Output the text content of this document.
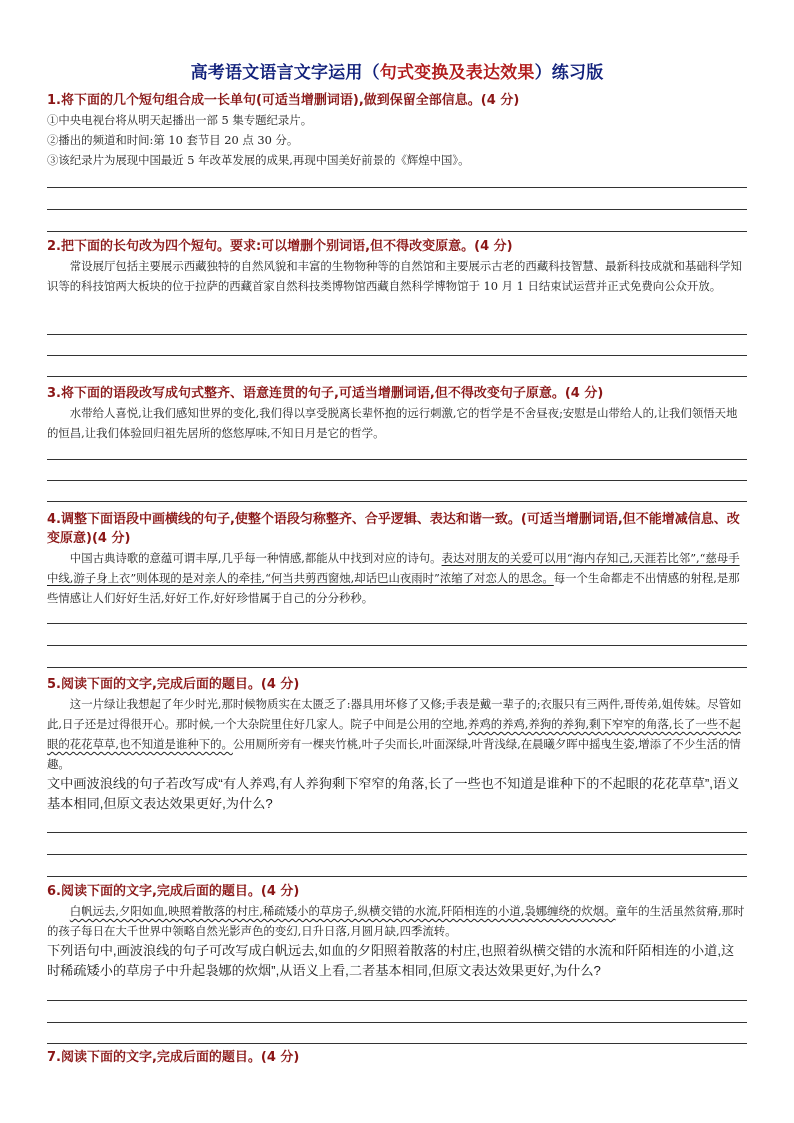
高考语文语言文字运用（句式变换及表达效果）练习版

1.将下面的几个短句组合成一长单句(可适当增删词语),做到保留全部信息。(4 分)

①中央电视台将从明天起播出一部 5 集专题纪录片。

②播出的频道和时间:第 10 套节目 20 点 30 分。

③该纪录片为展现中国最近 5 年改革发展的成果,再现中国美好前景的《辉煌中国》。

2.把下面的长句改为四个短句。要求:可以增删个别词语,但不得改变原意。(4 分)

常设展厅包括主要展示西藏独特的自然风貌和丰富的生物物种等的自然馆和主要展示古老的西藏科技智慧、最新科技成就和基础科学知识等的科技馆两大板块的位于拉萨的西藏首家自然科技类博物馆西藏自然科学博物馆于 10 月 1 日结束试运营并正式免费向公众开放。

3.将下面的语段改写成句式整齐、语意连贯的句子,可适当增删词语,但不得改变句子原意。(4 分)

水带给人喜悦,让我们感知世界的变化,我们得以享受脱离长辈怀抱的远行刺激,它的哲学是不舍昼夜;安慰是山带给人的,让我们领悟天地的恒昌,让我们体验回归祖先居所的悠悠厚味,不知日月是它的哲学。

4.调整下面语段中画横线的句子,使整个语段匀称整齐、合乎逻辑、表达和谐一致。(可适当增删词语,但不能增减信息、改变原意)(4 分)

中国古典诗歌的意蕴可谓丰厚,几乎每一种情感,都能从中找到对应的诗句。表达对朋友的关爱可以用“海内存知己,天涯若比邻”,“慈母手中线,游子身上衣”则体现的是对亲人的牵挂,“何当共剪西窗烛,却话巴山夜雨时”浓缩了对恋人的思念。每一个生命都走不出情感的射程,是那些情感让人们好好生活,好好工作,好好珍惜属于自己的分分秒秒。

5.阅读下面的文字,完成后面的题目。(4 分)

这一片绿让我想起了年少时光,那时候物质实在太匮乏了:器具用坏修了又修;手表是戴一辈子的;衣服只有三两件,哥传弟,姐传妹。尽管如此,日子还是过得很开心。那时候,一个大杂院里住好几家人。院子中间是公用的空地,养鸡的养鸡,养狗的养狗,剩下窄窄的角落,长了一些不起眼的花花草草,也不知道是谁种下的。公用厕所旁有一棵夹竹桃,叶子尖而长,叶面深绿,叶背浅绿,在晨曦夕晖中摇曳生姿,增添了不少生活的情趣。

文中画波浪线的句子若改写成“有人养鸡,有人养狗剩下窄窄的角落,长了一些也不知道是谁种下的不起眼的花花草草”,语义基本相同,但原文表达效果更好,为什么?

6.阅读下面的文字,完成后面的题目。(4 分)

白帆远去,夕阳如血,映照着散落的村庄,稀疏矮小的草房子,纵横交错的水流,阡陌相连的小道,袅娜缠绕的炊烟。童年的生活虽然贫瘠,那时的孩子每日在大千世界中领略自然光影声色的变幻,日升日落,月圆月缺,四季流转。

下列语句中,画波浪线的句子可改写成白帆远去,如血的夕阳照着散落的村庄,也照着纵横交错的水流和阡陌相连的小道,这时稀疏矮小的草房子中升起袅娜的炊烟”,从语义上看,二者基本相同,但原文表达效果更好,为什么?

7.阅读下面的文字,完成后面的题目。(4 分)
